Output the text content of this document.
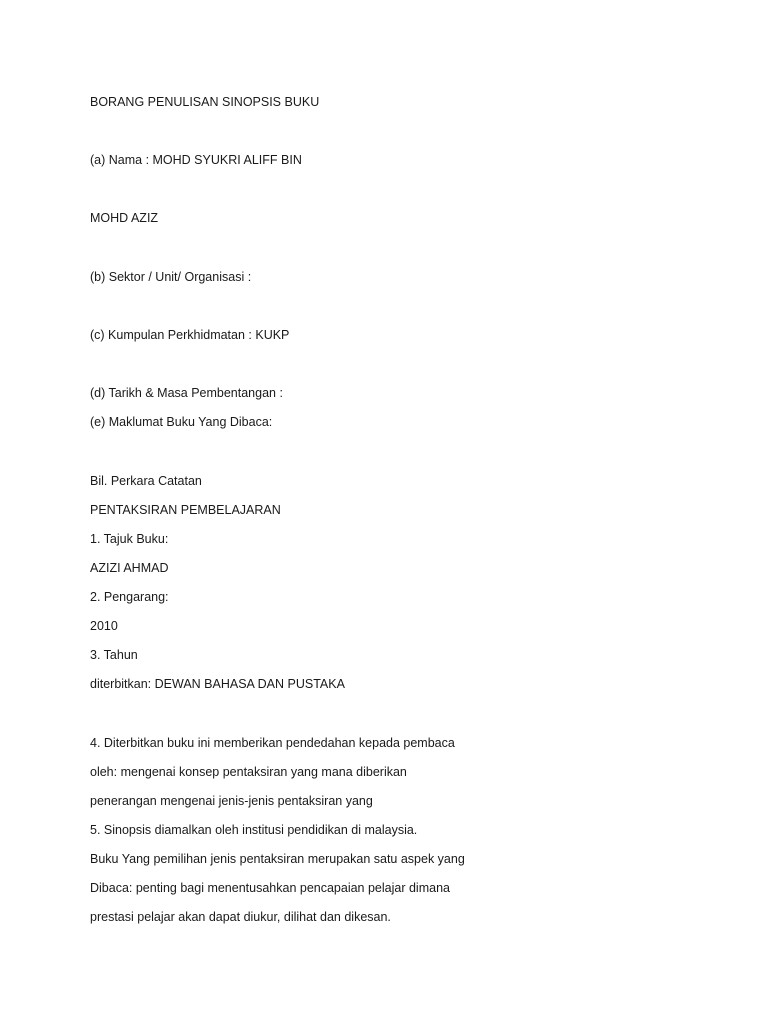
BORANG PENULISAN SINOPSIS BUKU
(a) Nama : MOHD SYUKRI ALIFF BIN
MOHD AZIZ
(b) Sektor / Unit/ Organisasi :
(c) Kumpulan Perkhidmatan : KUKP
(d) Tarikh & Masa Pembentangan :
(e) Maklumat Buku Yang Dibaca:
Bil. Perkara Catatan
PENTAKSIRAN PEMBELAJARAN
1. Tajuk Buku:
AZIZI AHMAD
2. Pengarang:
2010
3. Tahun
diterbitkan: DEWAN BAHASA DAN PUSTAKA
4. Diterbitkan buku ini memberikan pendedahan kepada pembaca
oleh: mengenai konsep pentaksiran yang mana diberikan
penerangan mengenai jenis-jenis pentaksiran yang
5. Sinopsis diamalkan oleh institusi pendidikan di malaysia.
Buku Yang pemilihan jenis pentaksiran merupakan satu aspek yang
Dibaca: penting bagi menentusahkan pencapaian pelajar dimana
prestasi pelajar akan dapat diukur, dilihat dan dikesan.
